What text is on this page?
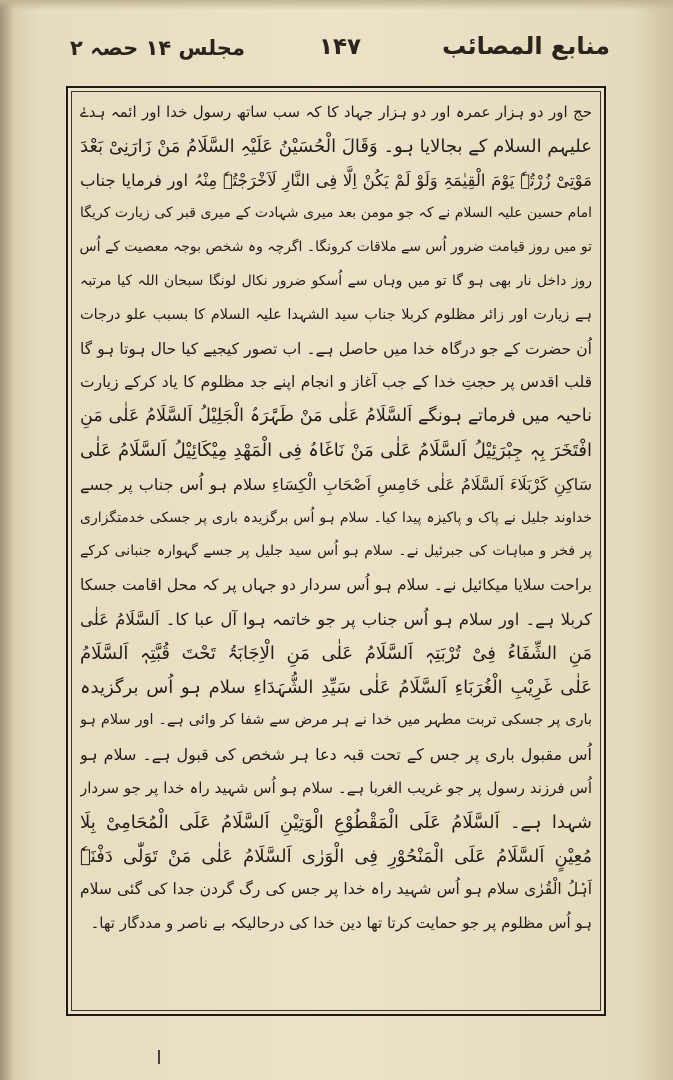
مجلس ۱۴ حصہ ۲	۱۴۷	منابع المصائب
حج اور دو ہزار عمرہ اور دو ہزار جہاد کا کہ سب ساتھ رسول خدا اور ائمہ ہدےٰ
علیہم السلام کے بجالایا ہو۔ وَقَالَ الْحُسَیْنُ عَلَیْہِ السَّلَامُ مَنْ زَارَنِیْ بَعْدَ
مَوْتِیْ زُرْتُہٗ یَوْمَ الْقِیٰمَۃِ وَلَوْ لَمْ یَکُنْ اِلَّا فِی النَّارِ لَاَخْرَجْتُہٗ مِنْہُ اور فرمایا جناب
امام حسین علیہ السلام نے کہ جو مومن بعد میری شہادت کے میری قبر کی زیارت کریگا
تو میں روز قیامت ضرور اُس سے ملاقات کرونگا۔ اگرچہ وہ شخص بوجہ معصیت کے اُس
روز داخل نار بھی ہو گا تو میں وہاں سے اُسکو ضرور نکال لونگا سبحان اللہ کیا مرتبہ
ہے زیارت اور زائر مظلوم کربلا جناب سید الشہدا علیہ السلام کا بسبب علو درجات
اُن حضرت کے جو درگاہ خدا میں حاصل ہے۔ اب تصور کیجیے کیا حال ہوتا ہو گا
قلب اقدس پر حجتِ خدا کے جب آغاز و انجام اپنے جد مظلوم کا یاد کرکے زیارت
ناحیہ میں فرماتے ہونگے اَلسَّلَامُ عَلٰی مَنْ طَہَّرَہُ الْجَلِیْلُ اَلسَّلَامُ عَلٰی مَنِ
افْتَخَرَ بِہٖ جِبْرَئِیْلُ اَلسَّلَامُ عَلٰی مَنْ نَاغَاہُ فِی الْمَھْدِ مِیْکَائِیْلُ اَلسَّلَامُ عَلٰی
سَاکِنِ کَرْبَلَاءَ اَلسَّلَامُ عَلٰی خَامِسِ اَصْحَابِ الْکِسَاءِ سلام ہو اُس جناب پر جسے
خداوند جلیل نے پاک و پاکیزہ پیدا کیا۔ سلام ہو اُس برگزیدہ باری پر جسکی خدمتگزاری
پر فخر و مباہات کی جبرئیل نے۔ سلام ہو اُس سید جلیل پر جسے گہوارہ جنبانی کرکے
براحت سلایا میکائیل نے۔ سلام ہو اُس سردار دو جہاں پر کہ محل اقامت جسکا
کربلا ہے۔ اور سلام ہو اُس جناب پر جو خاتمہ ہوا آل عبا کا۔ اَلسَّلَامُ عَلٰی
مَنِ الشِّفَاءُ فِیْ تُرْبَتِہٖ اَلسَّلَامُ عَلٰی مَنِ الْاِجَابَۃُ تَحْتَ قُبَّتِہٖ اَلسَّلَامُ
عَلٰی غَرِیْبِ الْغُرَبَاءِ اَلسَّلَامُ عَلٰی سَیِّدِ الشُّہَدَاءِ سلام ہو اُس برگزیدہ
باری پر جسکی تربت مطہر میں خدا نے ہر مرض سے شفا کر وائی ہے۔ اور سلام ہو
اُس مقبول باری پر جس کے تحت قبہ دعا ہر شخص کی قبول ہے۔ سلام ہو
اُس فرزند رسول پر جو غریب الغربا ہے۔ سلام ہو اُس شہید راہ خدا پر جو سردار
شہدا ہے۔ اَلسَّلَامُ عَلَی الْمَقْطُوْعِ الْوَتِیْنِ اَلسَّلَامُ عَلَی الْمُحَامِیْ بِلَا
مُعِیْنٍ اَلسَّلَامُ عَلَی الْمَنْحُوْرِ فِی الْوَرٰی اَلسَّلَامُ عَلٰی مَنْ تَوَلّٰی دَفْنَہٗ
اَہْلُ الْقُرٰی سلام ہو اُس شہید راہ خدا پر جس کی رگ گردن جدا کی گئی سلام
ہو اُس مظلوم پر جو حمایت کرتا تھا دین خدا کی درحالیکہ بے ناصر و مددگار تھا۔
